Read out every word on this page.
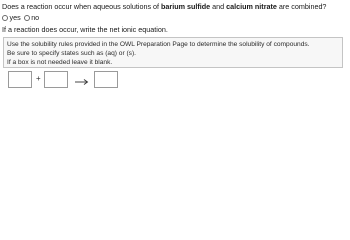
Does a reaction occur when aqueous solutions of barium sulfide and calcium nitrate are combined?
yes no
If a reaction does occur, write the net ionic equation.
Use the solubility rules provided in the OWL Preparation Page to determine the solubility of compounds.
Be sure to specify states such as (aq) or (s).
If a box is not needed leave it blank.
+
